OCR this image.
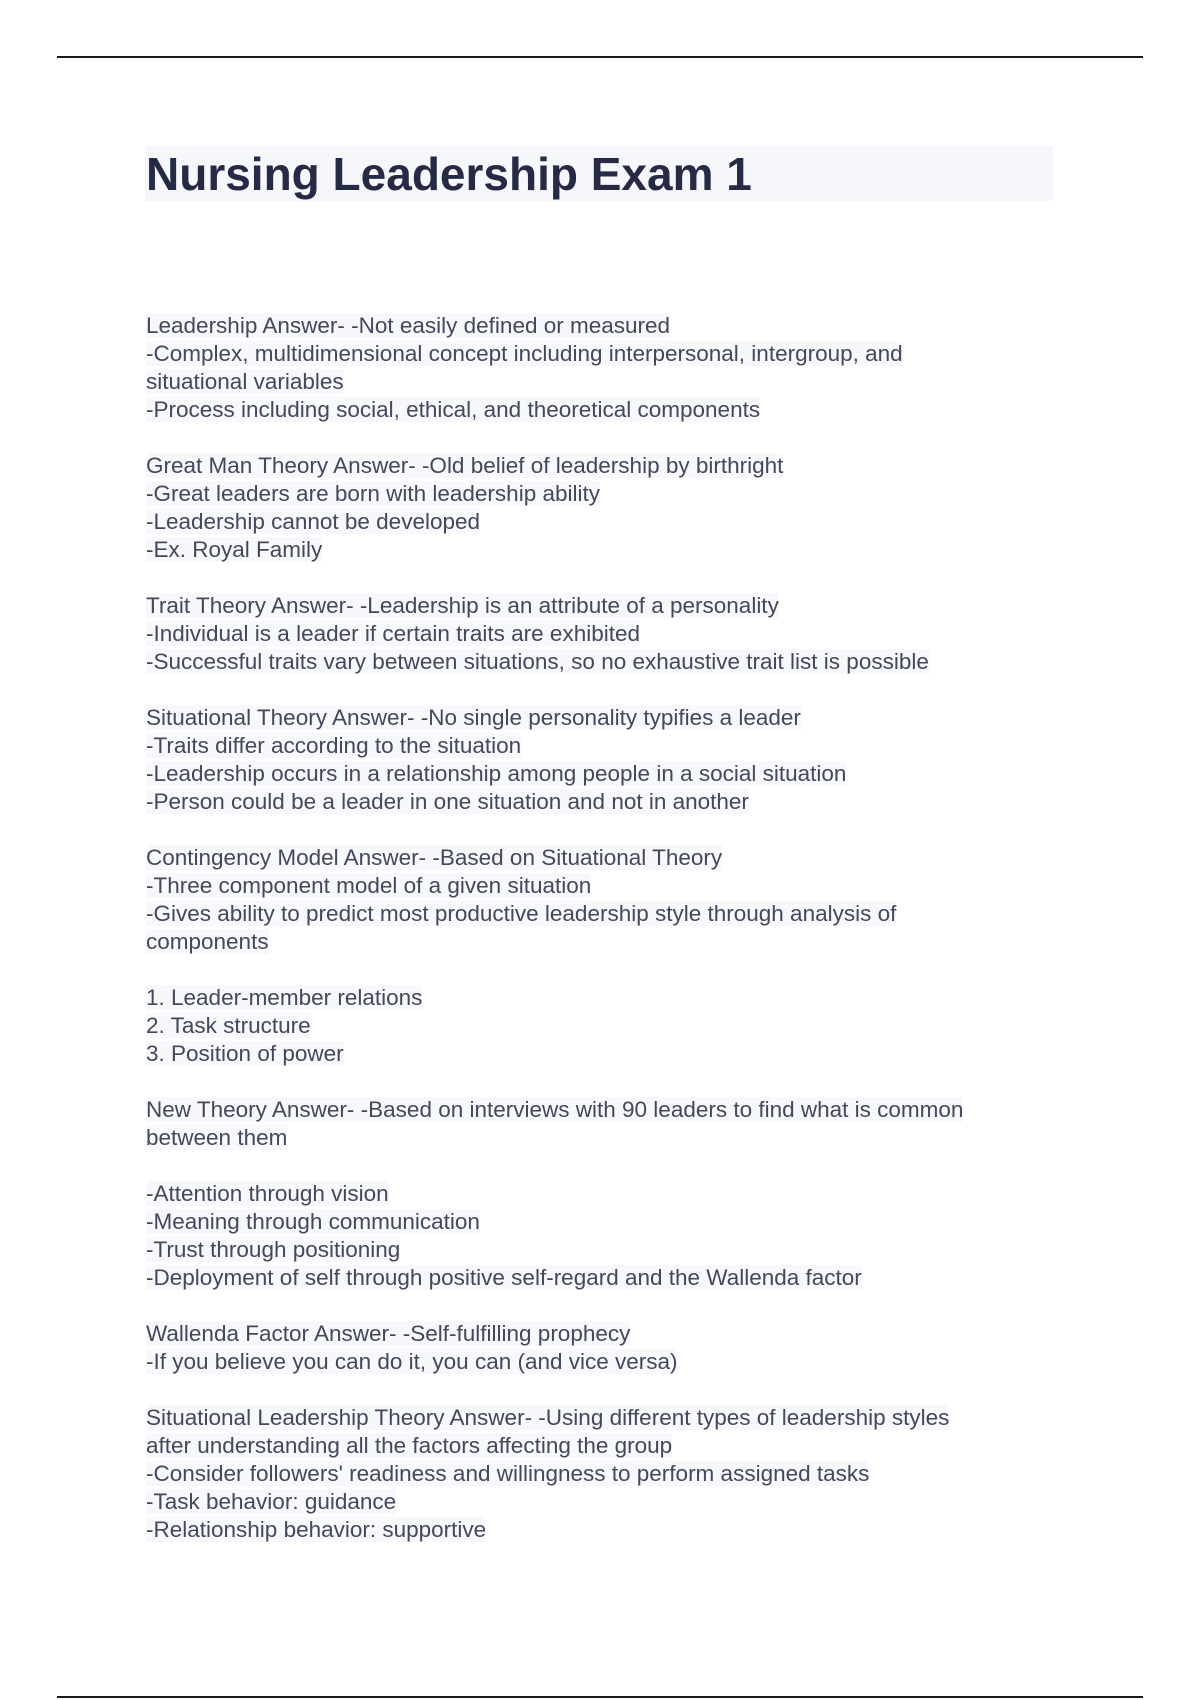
Nursing Leadership Exam 1
Leadership Answer- -Not easily defined or measured
-Complex, multidimensional concept including interpersonal, intergroup, and
situational variables
-Process including social, ethical, and theoretical components
Great Man Theory Answer- -Old belief of leadership by birthright
-Great leaders are born with leadership ability
-Leadership cannot be developed
-Ex. Royal Family
Trait Theory Answer- -Leadership is an attribute of a personality
-Individual is a leader if certain traits are exhibited
-Successful traits vary between situations, so no exhaustive trait list is possible
Situational Theory Answer- -No single personality typifies a leader
-Traits differ according to the situation
-Leadership occurs in a relationship among people in a social situation
-Person could be a leader in one situation and not in another
Contingency Model Answer- -Based on Situational Theory
-Three component model of a given situation
-Gives ability to predict most productive leadership style through analysis of
components
1. Leader-member relations
2. Task structure
3. Position of power
New Theory Answer- -Based on interviews with 90 leaders to find what is common
between them
-Attention through vision
-Meaning through communication
-Trust through positioning
-Deployment of self through positive self-regard and the Wallenda factor
Wallenda Factor Answer- -Self-fulfilling prophecy
-If you believe you can do it, you can (and vice versa)
Situational Leadership Theory Answer- -Using different types of leadership styles
after understanding all the factors affecting the group
-Consider followers' readiness and willingness to perform assigned tasks
-Task behavior: guidance
-Relationship behavior: supportive
